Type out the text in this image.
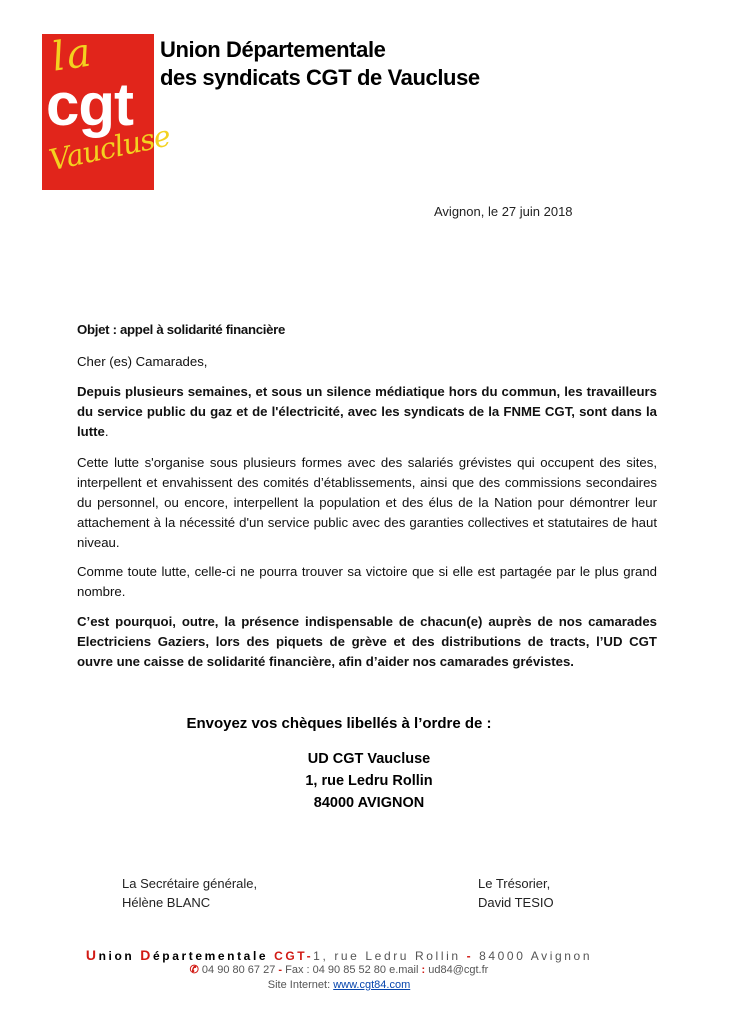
la
cgt
Vaucluse
Union Départementale
des syndicats CGT de Vaucluse
Avignon, le 27 juin 2018
Objet : appel à solidarité financière
Cher (es) Camarades,
Depuis plusieurs semaines, et sous un silence médiatique hors du commun, les travailleurs du service public du gaz et de l'électricité, avec les syndicats de la FNME CGT, sont dans la lutte.
Cette lutte s'organise sous plusieurs formes avec des salariés grévistes qui occupent des sites, interpellent et envahissent des comités d’établissements, ainsi que des commissions secondaires du personnel, ou encore, interpellent la population et des élus de la Nation pour démontrer leur attachement à la nécessité d'un service public avec des garanties collectives et statutaires de haut niveau.
Comme toute lutte, celle-ci ne pourra trouver sa victoire que si elle est partagée par le plus grand nombre.
C’est pourquoi, outre, la présence indispensable de chacun(e) auprès de nos camarades Electriciens Gaziers, lors des piquets de grève et des distributions de tracts, l’UD CGT ouvre une caisse de solidarité financière, afin d’aider nos camarades grévistes.
Envoyez vos chèques libellés à l’ordre de :
UD CGT Vaucluse
1, rue Ledru Rollin
84000 AVIGNON
La Secrétaire générale,
Hélène BLANC
Le Trésorier,
David TESIO
Union Départementale CGT-1, rue Ledru Rollin - 84000 Avignon
✆ 04 90 80 67 27 - Fax : 04 90 85 52 80 e.mail : ud84@cgt.fr
Site Internet: www.cgt84.com
